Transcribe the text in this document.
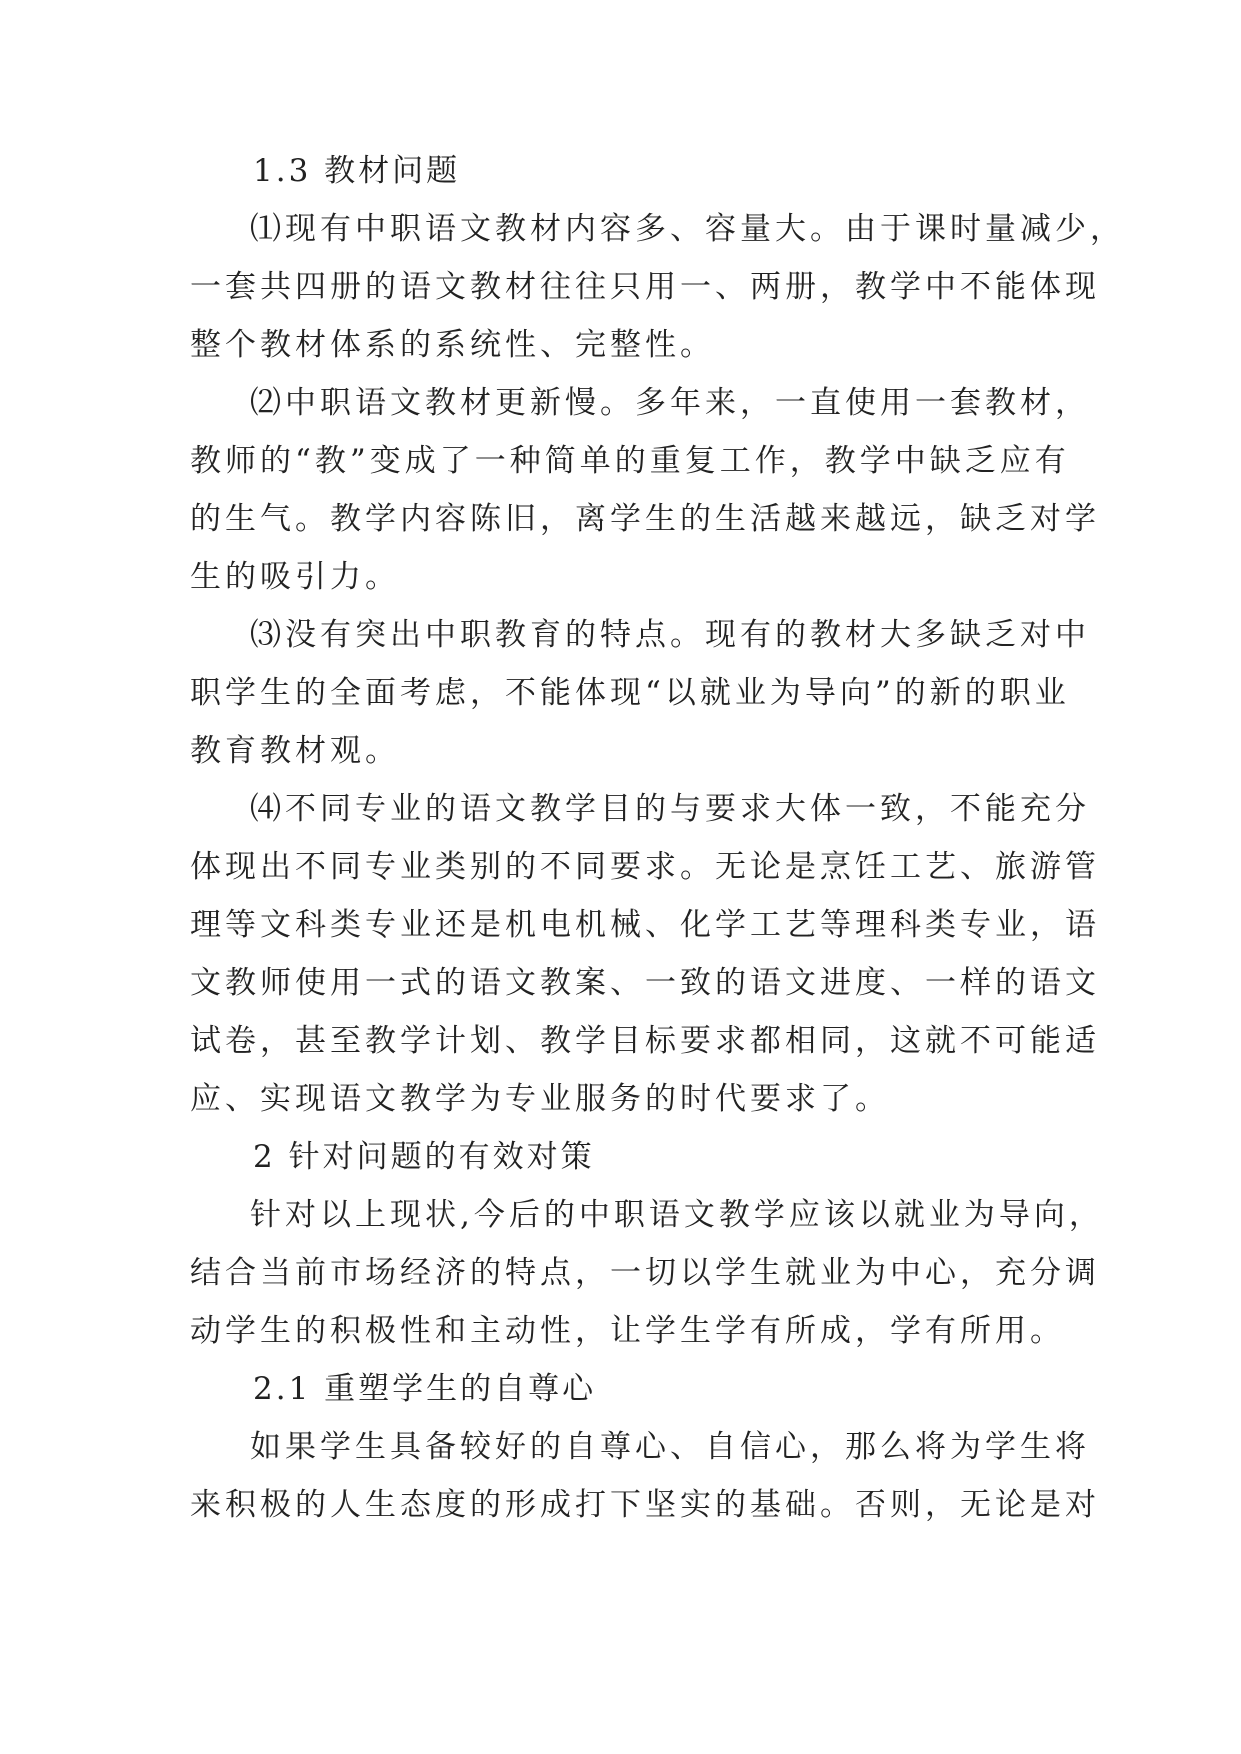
1.3 教材问题
⑴现有中职语文教材内容多、容量大。由于课时量减少，
一套共四册的语文教材往往只用一、两册，教学中不能体现
整个教材体系的系统性、完整性。
⑵中职语文教材更新慢。多年来，一直使用一套教材，
教师的“教”变成了一种简单的重复工作，教学中缺乏应有
的生气。教学内容陈旧，离学生的生活越来越远，缺乏对学
生的吸引力。
⑶没有突出中职教育的特点。现有的教材大多缺乏对中
职学生的全面考虑，不能体现“以就业为导向”的新的职业
教育教材观。
⑷不同专业的语文教学目的与要求大体一致，不能充分
体现出不同专业类别的不同要求。无论是烹饪工艺、旅游管
理等文科类专业还是机电机械、化学工艺等理科类专业，语
文教师使用一式的语文教案、一致的语文进度、一样的语文
试卷，甚至教学计划、教学目标要求都相同，这就不可能适
应、实现语文教学为专业服务的时代要求了。
2 针对问题的有效对策
针对以上现状,今后的中职语文教学应该以就业为导向，
结合当前市场经济的特点，一切以学生就业为中心，充分调
动学生的积极性和主动性，让学生学有所成，学有所用。
2.1 重塑学生的自尊心
如果学生具备较好的自尊心、自信心，那么将为学生将
来积极的人生态度的形成打下坚实的基础。否则，无论是对
